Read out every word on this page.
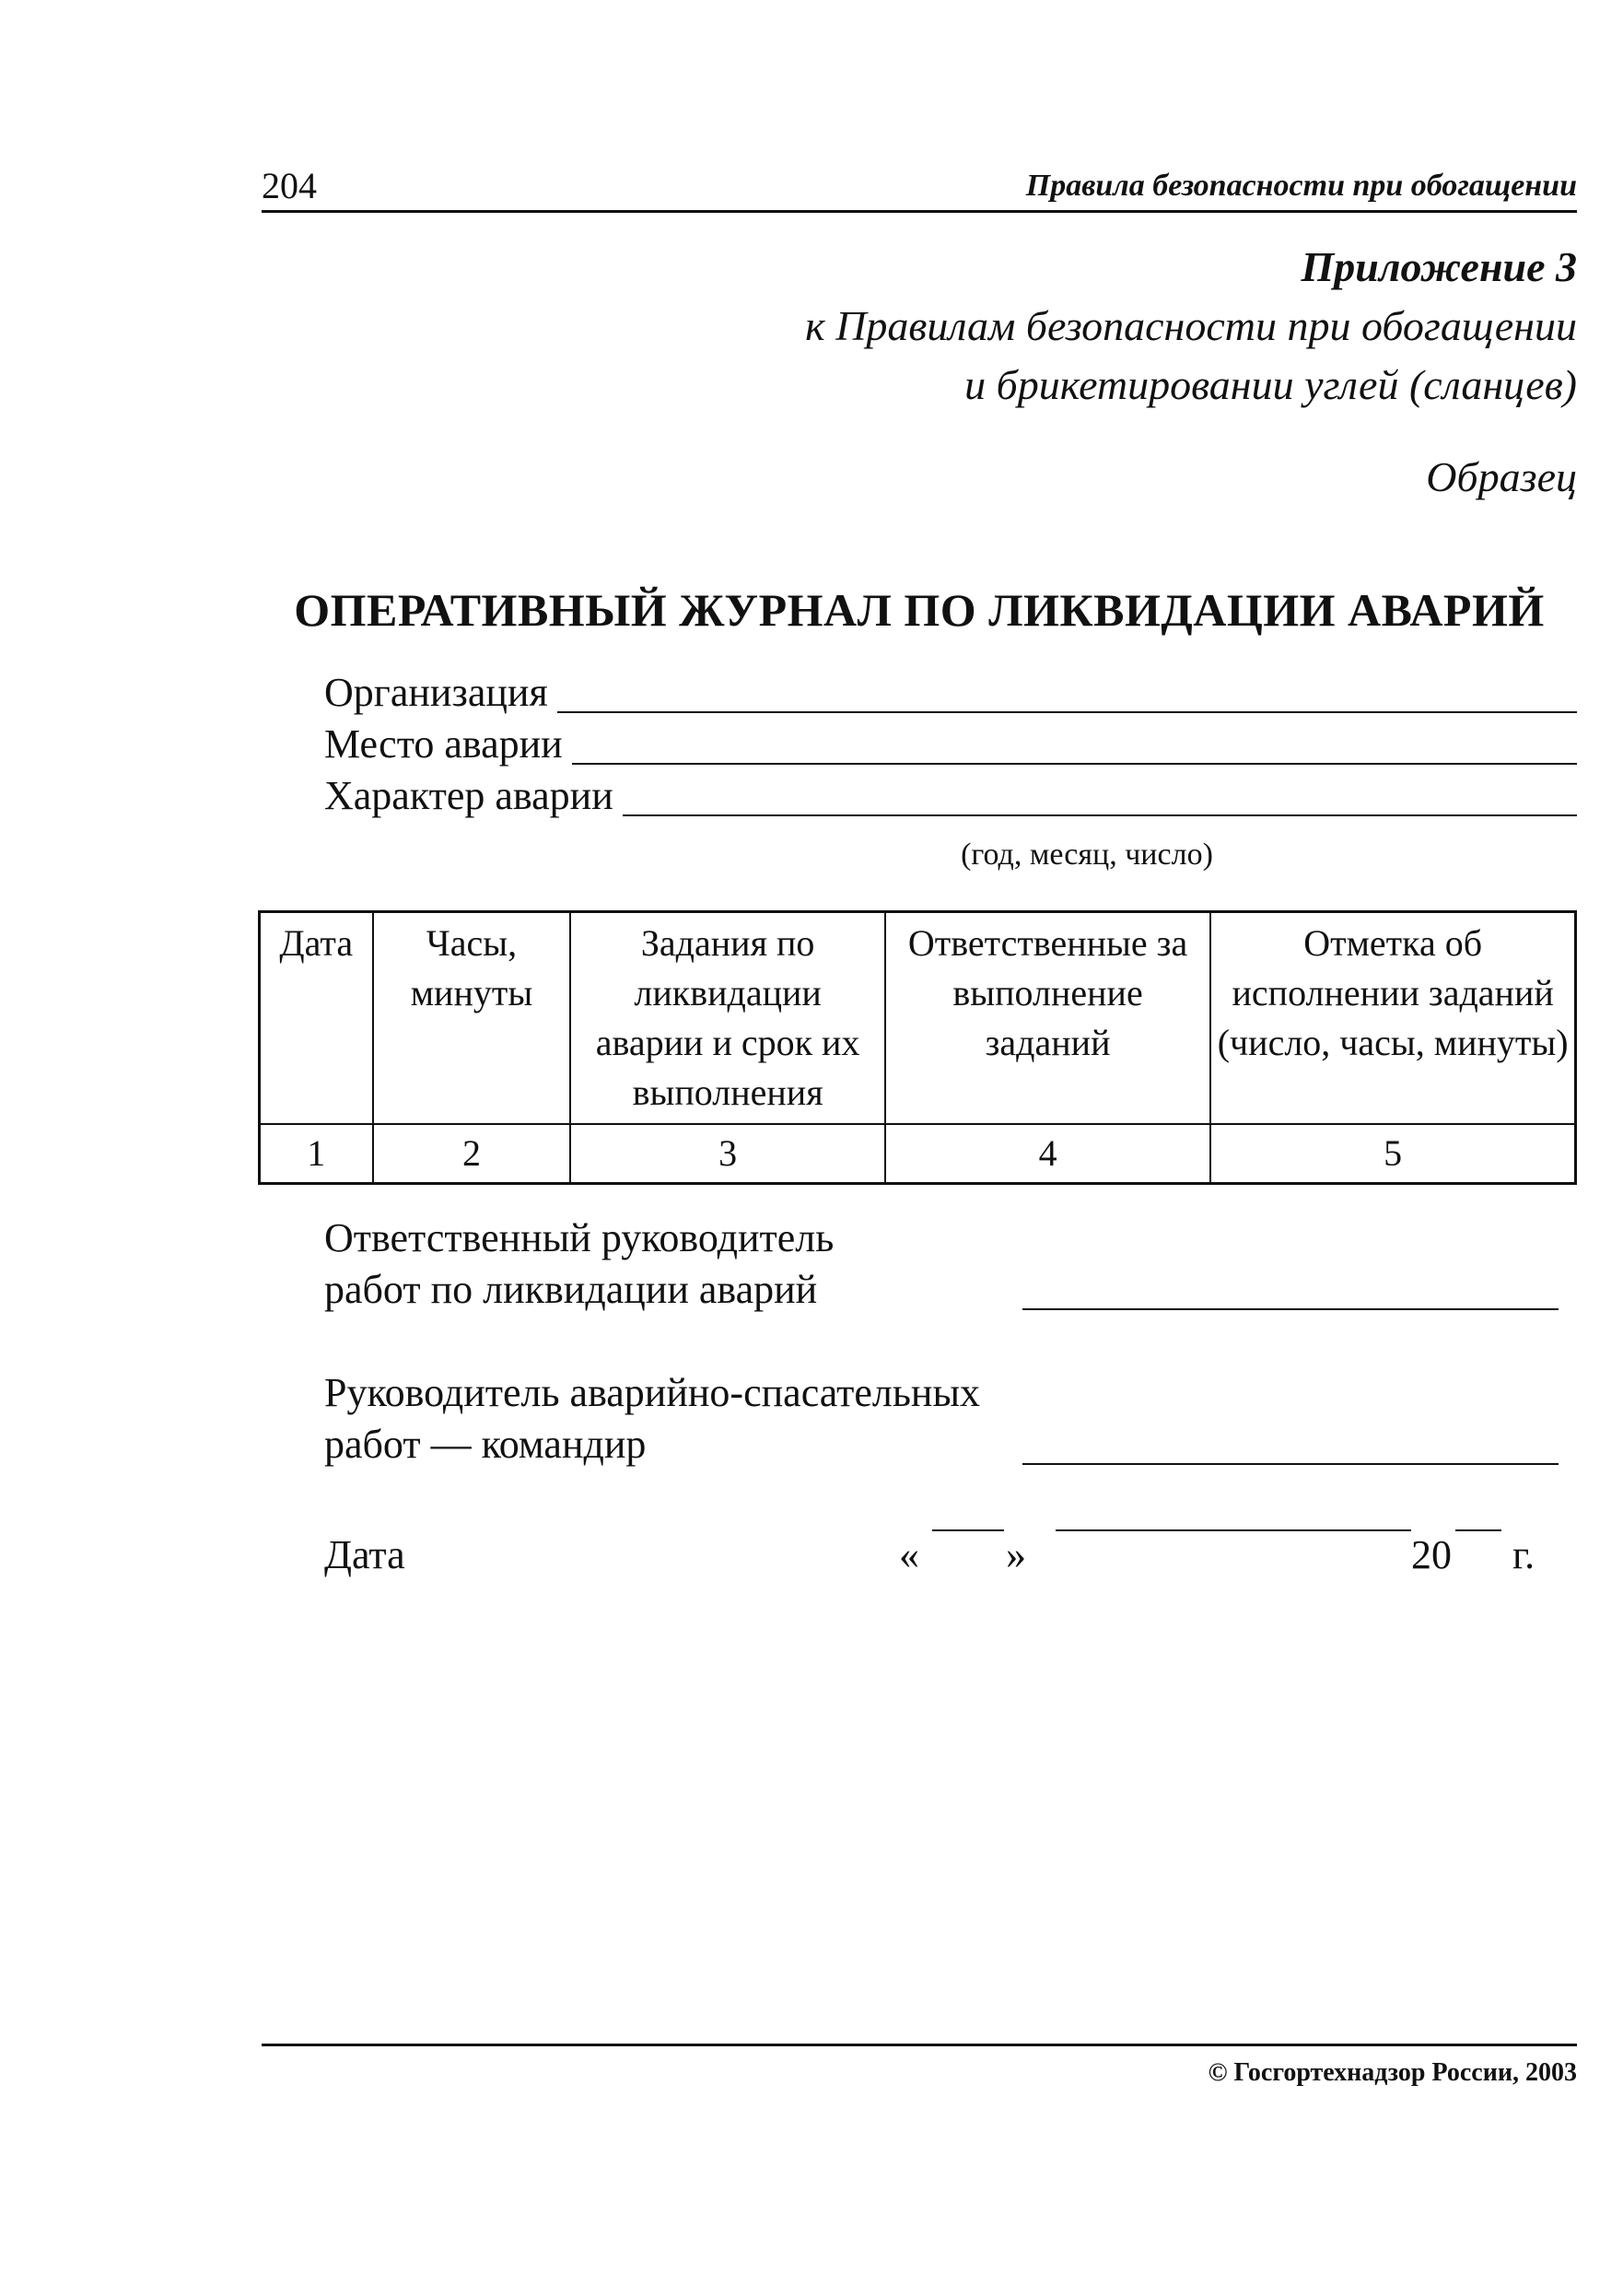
204	Правила безопасности при обогащении
Приложение 3
к Правилам безопасности при обогащении
и брикетировании углей (сланцев)
Образец
ОПЕРАТИВНЫЙ ЖУРНАЛ ПО ЛИКВИДАЦИИ АВАРИЙ
Организация
Место аварии
Характер аварии
(год, месяц, число)
Дата	Часы, минуты	Задания по ликвидации аварии и срок их выполнения	Ответственные за выполнение заданий	Отметка об исполнении заданий (число, часы, минуты)
1	2	3	4	5
Ответственный руководитель
работ по ликвидации аварий
Руководитель аварийно-спасательных
работ — командир
Дата	« »	20 г.
© Госгортехнадзор России, 2003
